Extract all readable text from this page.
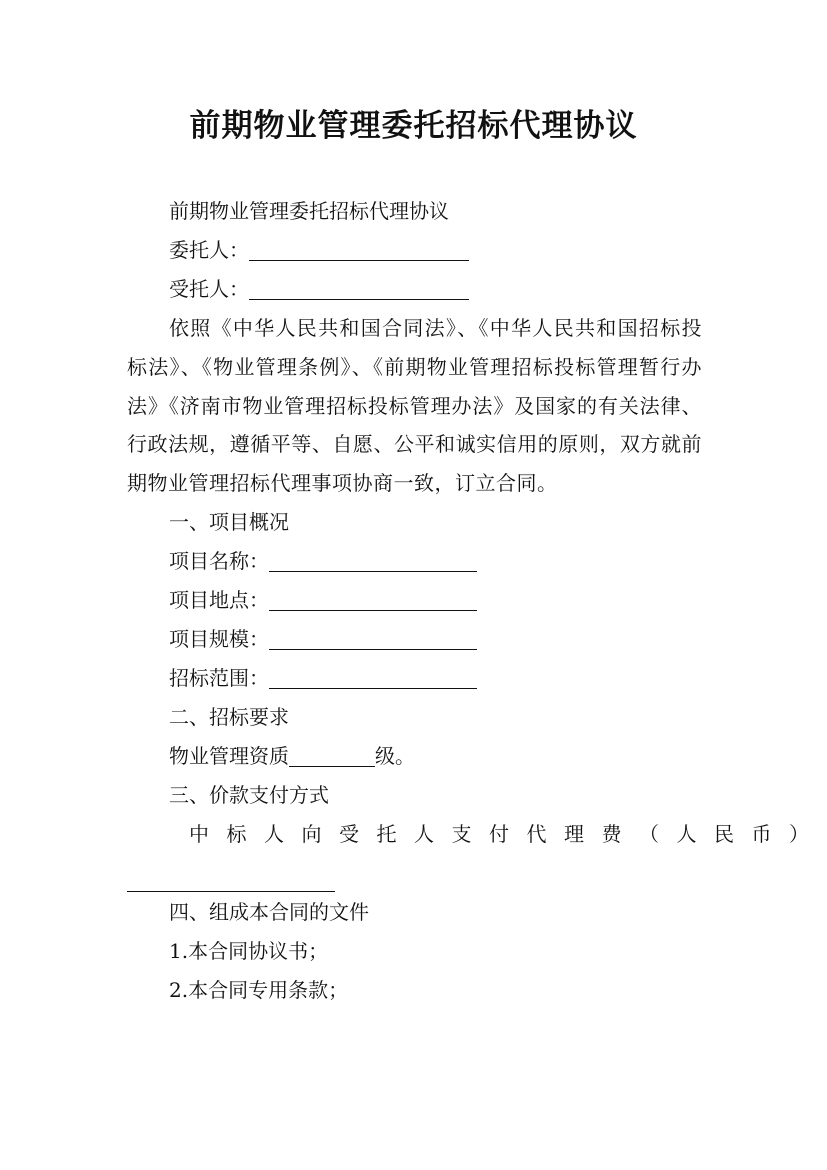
前期物业管理委托招标代理协议
前期物业管理委托招标代理协议
委托人：
受托人：
依照《中华人民共和国合同法》、《中华人民共和国招标投标法》、《物业管理条例》、《前期物业管理招标投标管理暂行办法》《济南市物业管理招标投标管理办法》及国家的有关法律、行政法规，遵循平等、自愿、公平和诚实信用的原则，双方就前期物业管理招标代理事项协商一致，订立合同。
一、项目概况
项目名称：
项目地点：
项目规模：
招标范围：
二、招标要求
物业管理资质	级。
三、价款支付方式
中标人向受托人支付代理费（人民币）
四、组成本合同的文件
1.本合同协议书；
2.本合同专用条款；
